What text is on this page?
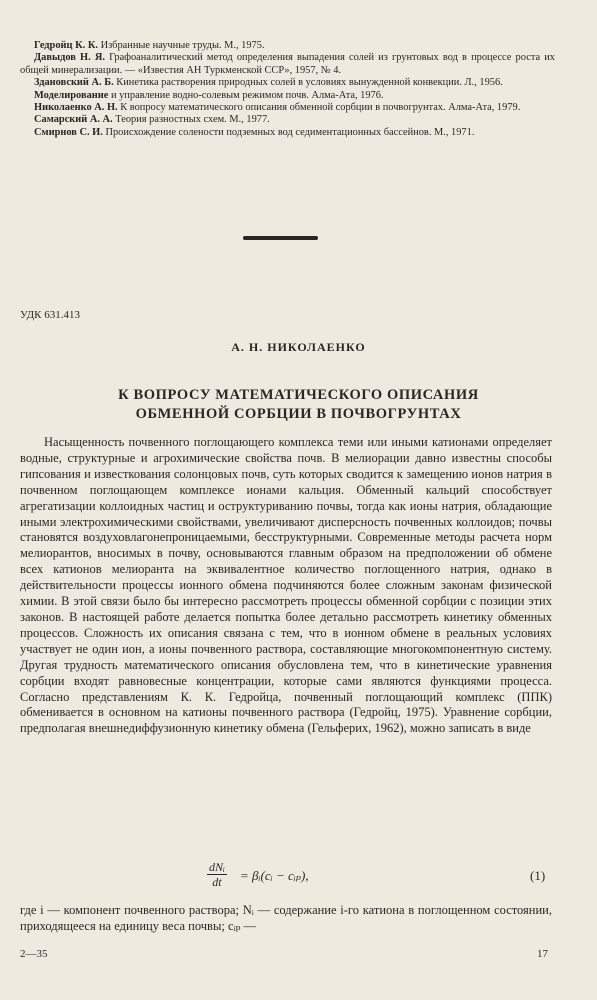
Гедройц К. К. Избранные научные труды. М., 1975.

Давыдов Н. Я. Графоаналитический метод определения выпадения солей из грунтовых вод в процессе роста их общей минерализации. — «Известия АН Туркменской ССР», 1957, № 4.

Здановский А. Б. Кинетика растворения природных солей в условиях вынужденной конвекции. Л., 1956.

Моделирование и управление водно-солевым режимом почв. Алма-Ата, 1976.

Николаенко А. Н. К вопросу математического описания обменной сорбции в почвогрунтах. Алма-Ата, 1979.

Самарский А. А. Теория разностных схем. М., 1977.

Смирнов С. И. Происхождение солености подземных вод седиментационных бассейнов. М., 1971.

УДК 631.413
А. Н. НИКОЛАЕНКО
К ВОПРОСУ МАТЕМАТИЧЕСКОГО ОПИСАНИЯ
ОБМЕННОЙ СОРБЦИИ В ПОЧВОГРУНТАХ

Насыщенность почвенного поглощающего комплекса теми или иными катионами определяет водные, структурные и агрохимические свойства почв. В мелиорации давно известны способы гипсования и известкования солонцовых почв, суть которых сводится к замещению ионов натрия в почвенном поглощающем комплексе ионами кальция. Обменный кальций способствует агрегатизации коллоидных частиц и оструктуриванию почвы, тогда как ионы натрия, обладающие иными электрохимическими свойствами, увеличивают дисперсность почвенных коллоидов; почвы становятся воздуховлагонепроницаемыми, бесструктурными. Современные методы расчета норм мелиорантов, вносимых в почву, основываются главным образом на предположении об обмене всех катионов мелиоранта на эквивалентное количество поглощенного натрия, однако в действительности процессы ионного обмена подчиняются более сложным законам физической химии. В этой связи было бы интересно рассмотреть процессы обменной сорбции с позиции этих законов. В настоящей работе делается попытка более детально рассмотреть кинетику обменных процессов. Сложность их описания связана с тем, что в ионном обмене в реальных условиях участвует не один ион, а ионы почвенного раствора, составляющие многокомпонентную систему. Другая трудность математического описания обусловлена тем, что в кинетические уравнения сорбции входят равновесные концентрации, которые сами являются функциями процесса. Согласно представлениям К. К. Гедройца, почвенный поглощающий комплекс (ППК) обменивается в основном на катионы почвенного раствора (Гедройц, 1975). Уравнение сорбции, предполагая внешнедиффузионную кинетику обмена (Гельферих, 1962), можно записать в виде

dNᵢ
dt	= βᵢ(cᵢ − cᵢₚ),	(1)

где i — компонент почвенного раствора; Nᵢ — содержание i-го катиона в поглощенном состоянии, приходящееся на единицу веса почвы; cᵢₚ —

2—35	17
